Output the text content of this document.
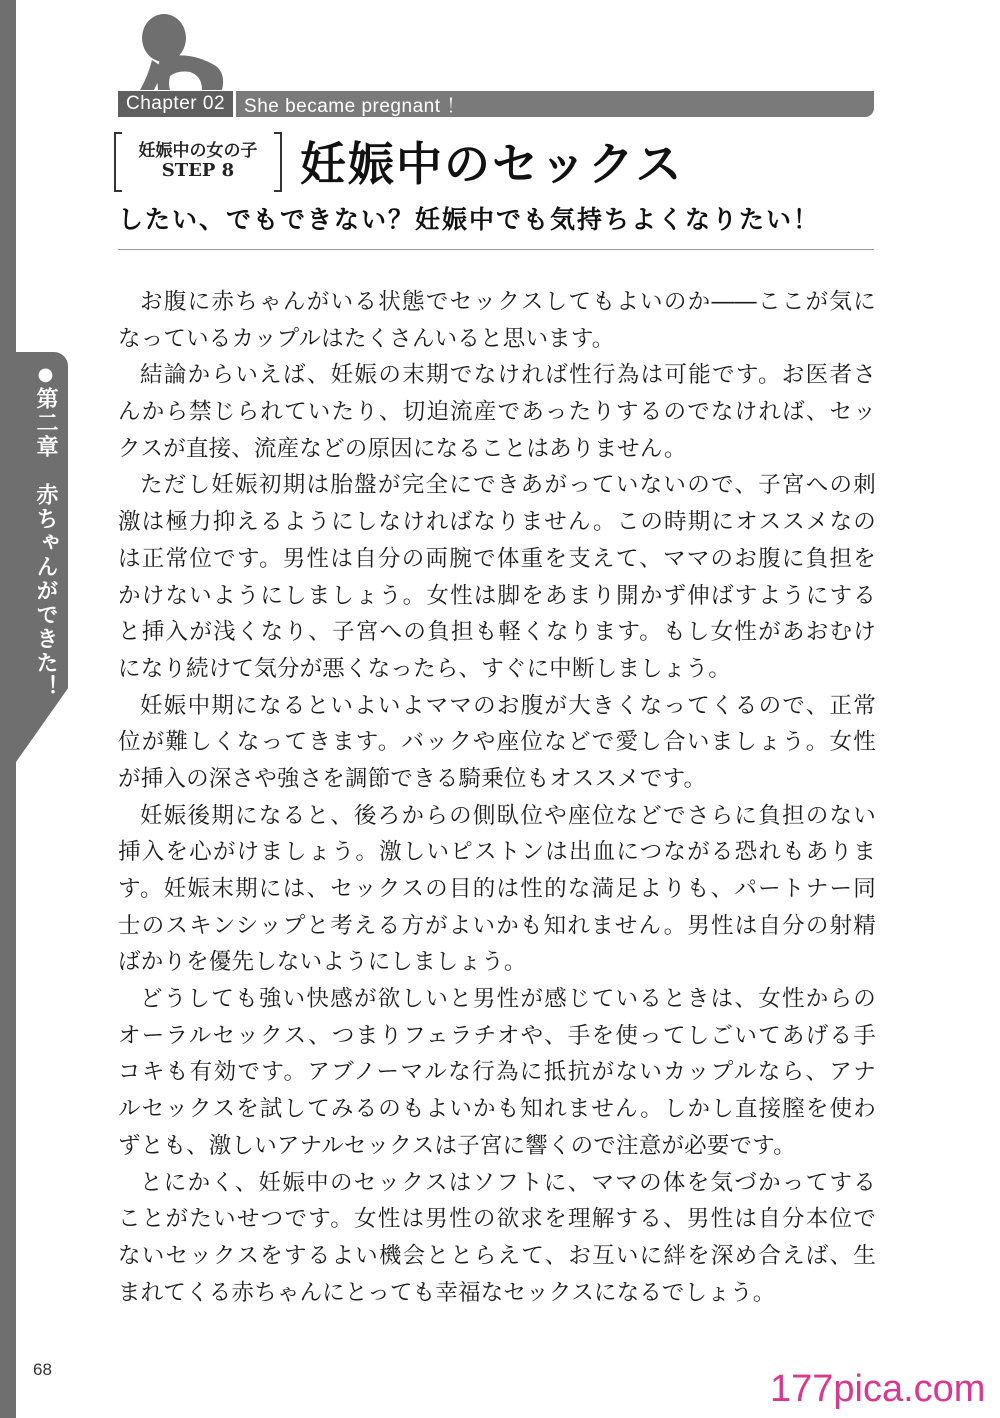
●第二章　赤ちゃんができた！
Chapter 02	She became pregnant ！
妊娠中の女の子
STEP 8	妊娠中のセックス
したい、でもできない？妊娠中でも気持ちよくなりたい！
お腹に赤ちゃんがいる状態でセックスしてもよいのか――ここが気に
なっているカップルはたくさんいると思います。
結論からいえば、妊娠の末期でなければ性行為は可能です。お医者さ
んから禁じられていたり、切迫流産であったりするのでなければ、セッ
クスが直接、流産などの原因になることはありません。
ただし妊娠初期は胎盤が完全にできあがっていないので、子宮への刺
激は極力抑えるようにしなければなりません。この時期にオススメなの
は正常位です。男性は自分の両腕で体重を支えて、ママのお腹に負担を
かけないようにしましょう。女性は脚をあまり開かず伸ばすようにする
と挿入が浅くなり、子宮への負担も軽くなります。もし女性があおむけ
になり続けて気分が悪くなったら、すぐに中断しましょう。
妊娠中期になるといよいよママのお腹が大きくなってくるので、正常
位が難しくなってきます。バックや座位などで愛し合いましょう。女性
が挿入の深さや強さを調節できる騎乗位もオススメです。
妊娠後期になると、後ろからの側臥位や座位などでさらに負担のない
挿入を心がけましょう。激しいピストンは出血につながる恐れもありま
す。妊娠末期には、セックスの目的は性的な満足よりも、パートナー同
士のスキンシップと考える方がよいかも知れません。男性は自分の射精
ばかりを優先しないようにしましょう。
どうしても強い快感が欲しいと男性が感じているときは、女性からの
オーラルセックス、つまりフェラチオや、手を使ってしごいてあげる手
コキも有効です。アブノーマルな行為に抵抗がないカップルなら、アナ
ルセックスを試してみるのもよいかも知れません。しかし直接膣を使わ
ずとも、激しいアナルセックスは子宮に響くので注意が必要です。
とにかく、妊娠中のセックスはソフトに、ママの体を気づかってする
ことがたいせつです。女性は男性の欲求を理解する、男性は自分本位で
ないセックスをするよい機会ととらえて、お互いに絆を深め合えば、生
まれてくる赤ちゃんにとっても幸福なセックスになるでしょう。
68	177pica.com
